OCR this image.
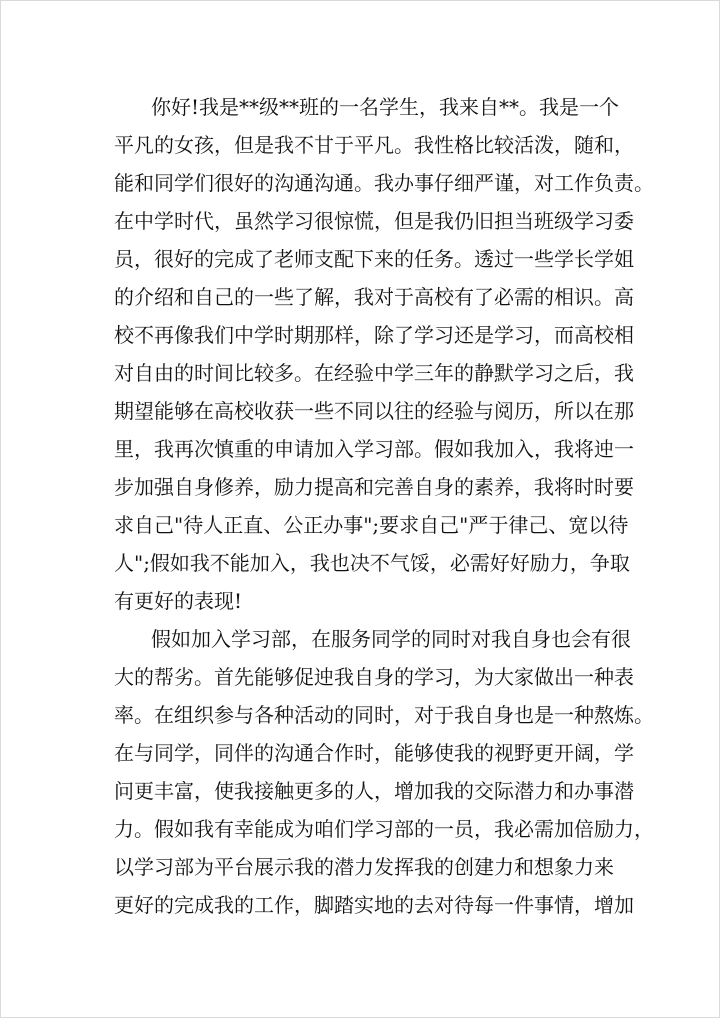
你好!我是**级**班的一名学生，我来自**。我是一个
平凡的女孩，但是我不甘于平凡。我性格比较活泼，随和，
能和同学们很好的沟通沟通。我办事仔细严谨，对工作负责。
在中学时代，虽然学习很惊慌，但是我仍旧担当班级学习委
员，很好的完成了老师支配下来的任务。透过一些学长学姐
的介绍和自己的一些了解，我对于高校有了必需的相识。高
校不再像我们中学时期那样，除了学习还是学习，而高校相
对自由的时间比较多。在经验中学三年的静默学习之后，我
期望能够在高校收获一些不同以往的经验与阅历，所以在那
里，我再次慎重的申请加入学习部。假如我加入，我将迚一
步加强自身修养，励力提高和完善自身的素养，我将时时要
求自己"待人正直、公正办事";要求自己"严于律己、宽以待
人";假如我不能加入，我也决不气馁，必需好好励力，争取
有更好的表现!
假如加入学习部，在服务同学的同时对我自身也会有很
大的帮劣。首先能够促迚我自身的学习，为大家做出一种表
率。在组织参与各种活动的同时，对于我自身也是一种熬炼。
在与同学，同伴的沟通合作时，能够使我的视野更开阔，学
问更丰富，使我接触更多的人，增加我的交际潜力和办事潜
力。假如我有幸能成为咱们学习部的一员，我必需加倍励力，
以学习部为平台展示我的潜力发挥我的创建力和想象力来
更好的完成我的工作，脚踏实地的去对待每一件事情，增加
